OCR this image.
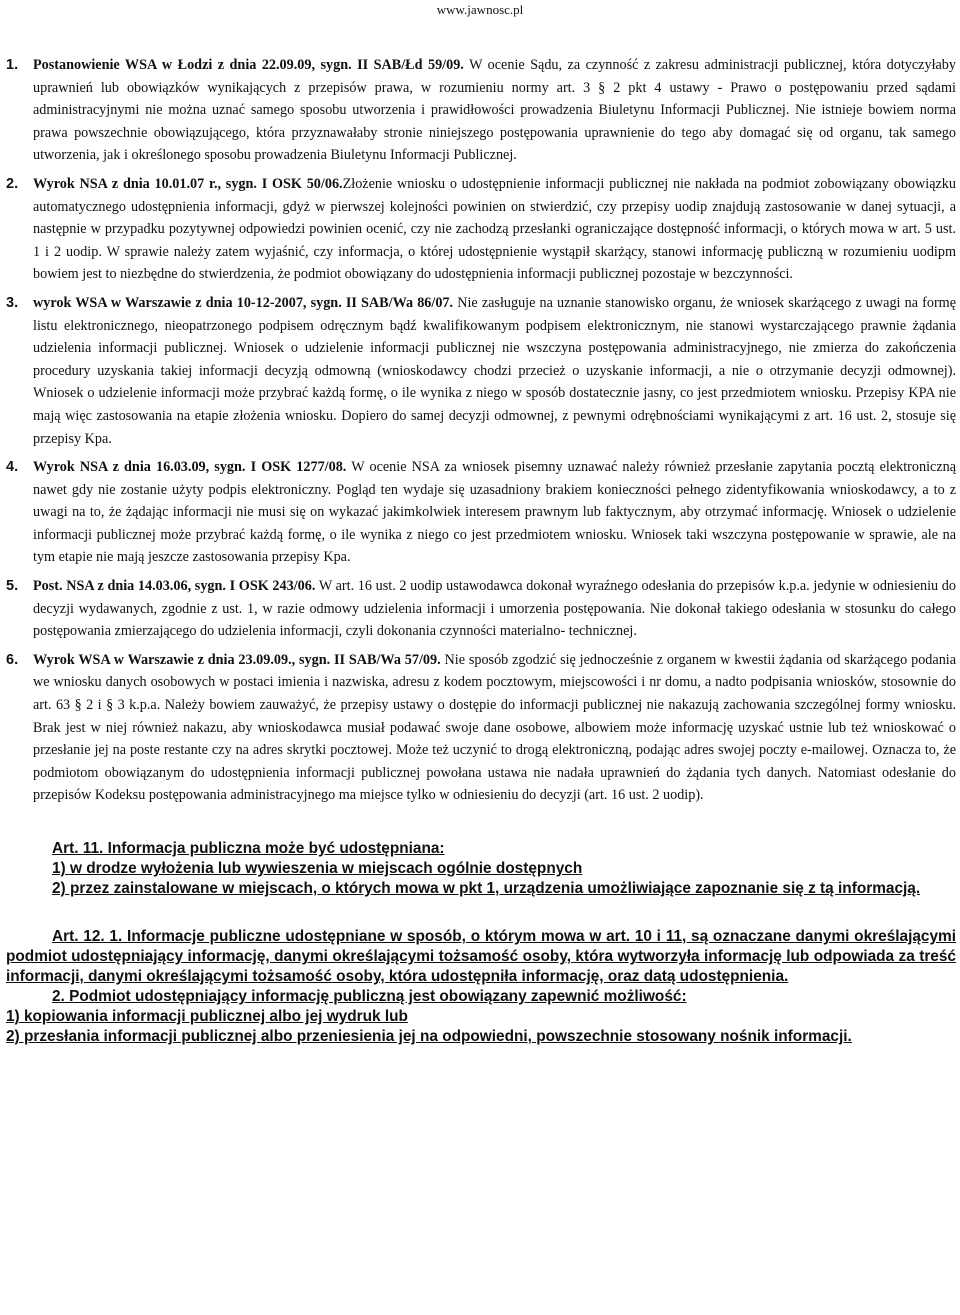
www.jawnosc.pl
1.	Postanowienie WSA w Łodzi z dnia 22.09.09, sygn. II SAB/Łd 59/09. W ocenie Sądu, za czynność z zakresu administracji publicznej, która dotyczyłaby uprawnień lub obowiązków wynikających z przepisów prawa, w rozumieniu normy art. 3 § 2 pkt 4 ustawy - Prawo o postępowaniu przed sądami administracyjnymi nie można uznać samego sposobu utworzenia i prawidłowości prowadzenia Biuletynu Informacji Publicznej. Nie istnieje bowiem norma prawa powszechnie obowiązującego, która przyznawałaby stronie niniejszego postępowania uprawnienie do tego aby domagać się od organu, tak samego utworzenia, jak i określonego sposobu prowadzenia Biuletynu Informacji Publicznej.
2.	Wyrok NSA z dnia 10.01.07 r., sygn. I OSK 50/06.Złożenie wniosku o udostępnienie informacji publicznej nie nakłada na podmiot zobowiązany obowiązku automatycznego udostępnienia informacji, gdyż w pierwszej kolejności powinien on stwierdzić, czy przepisy uodip znajdują zastosowanie w danej sytuacji, a następnie w przypadku pozytywnej odpowiedzi powinien ocenić, czy nie zachodzą przesłanki ograniczające dostępność informacji, o których mowa w art. 5 ust. 1 i 2 uodip. W sprawie należy zatem wyjaśnić, czy informacja, o której udostępnienie wystąpił skarżący, stanowi informację publiczną w rozumieniu uodipm bowiem jest to niezbędne do stwierdzenia, że podmiot obowiązany do udostępnienia informacji publicznej pozostaje w bezczynności.
3.	wyrok WSA w Warszawie z dnia 10-12-2007, sygn. II SAB/Wa 86/07. Nie zasługuje na uznanie stanowisko organu, że wniosek skarżącego z uwagi na formę listu elektronicznego, nieopatrzonego podpisem odręcznym bądź kwalifikowanym podpisem elektronicznym, nie stanowi wystarczającego prawnie żądania udzielenia informacji publicznej. Wniosek o udzielenie informacji publicznej nie wszczyna postępowania administracyjnego, nie zmierza do zakończenia procedury uzyskania takiej informacji decyzją odmowną (wnioskodawcy chodzi przecież o uzyskanie informacji, a nie o otrzymanie decyzji odmownej). Wniosek o udzielenie informacji może przybrać każdą formę, o ile wynika z niego w sposób dostatecznie jasny, co jest przedmiotem wniosku. Przepisy KPA nie mają więc zastosowania na etapie złożenia wniosku. Dopiero do samej decyzji odmownej, z pewnymi odrębnościami wynikającymi z art. 16 ust. 2, stosuje się przepisy Kpa.
4.	Wyrok NSA z dnia 16.03.09, sygn. I OSK 1277/08. W ocenie NSA za wniosek pisemny uznawać należy również przesłanie zapytania pocztą elektroniczną nawet gdy nie zostanie użyty podpis elektroniczny. Pogląd ten wydaje się uzasadniony brakiem konieczności pełnego zidentyfikowania wnioskodawcy, a to z uwagi na to, że żądając informacji nie musi się on wykazać jakimkolwiek interesem prawnym lub faktycznym, aby otrzymać informację. Wniosek o udzielenie informacji publicznej może przybrać każdą formę, o ile wynika z niego co jest przedmiotem wniosku. Wniosek taki wszczyna postępowanie w sprawie, ale na tym etapie nie mają jeszcze zastosowania przepisy Kpa.
5.	Post. NSA z dnia 14.03.06, sygn. I OSK 243/06. W art. 16 ust. 2 uodip ustawodawca dokonał wyraźnego odesłania do przepisów k.p.a. jedynie w odniesieniu do decyzji wydawanych, zgodnie z ust. 1, w razie odmowy udzielenia informacji i umorzenia postępowania. Nie dokonał takiego odesłania w stosunku do całego postępowania zmierzającego do udzielenia informacji, czyli dokonania czynności materialno- technicznej.
6.	Wyrok WSA w Warszawie z dnia 23.09.09., sygn. II SAB/Wa 57/09. Nie sposób zgodzić się jednocześnie z organem w kwestii żądania od skarżącego podania we wniosku danych osobowych w postaci imienia i nazwiska, adresu z kodem pocztowym, miejscowości i nr domu, a nadto podpisania wniosków, stosownie do art. 63 § 2 i § 3 k.p.a. Należy bowiem zauważyć, że przepisy ustawy o dostępie do informacji publicznej nie nakazują zachowania szczególnej formy wniosku. Brak jest w niej również nakazu, aby wnioskodawca musiał podawać swoje dane osobowe, albowiem może informację uzyskać ustnie lub też wnioskować o przesłanie jej na poste restante czy na adres skrytki pocztowej. Może też uczynić to drogą elektroniczną, podając adres swojej poczty e-mailowej. Oznacza to, że podmiotom obowiązanym do udostępnienia informacji publicznej powołana ustawa nie nadała uprawnień do żądania tych danych. Natomiast odesłanie do przepisów Kodeksu postępowania administracyjnego ma miejsce tylko w odniesieniu do decyzji (art. 16 ust. 2 uodip).

Art. 11. Informacja publiczna może być udostępniana:

1) w drodze wyłożenia lub wywieszenia w miejscach ogólnie dostępnych

2) przez zainstalowane w miejscach, o których mowa w pkt 1, urządzenia umożliwiające zapoznanie się z tą informacją.

Art. 12. 1. Informacje publiczne udostępniane w sposób, o którym mowa w art. 10 i 11, są oznaczane danymi określającymi podmiot udostępniający informację, danymi określającymi tożsamość osoby, która wytworzyła informację lub odpowiada za treść informacji, danymi określającymi tożsamość osoby, która udostępniła informację, oraz datą udostępnienia.

2. Podmiot udostępniający informację publiczną jest obowiązany zapewnić możliwość:

1) kopiowania informacji publicznej albo jej wydruk lub

2) przesłania informacji publicznej albo przeniesienia jej na odpowiedni, powszechnie stosowany nośnik informacji.
